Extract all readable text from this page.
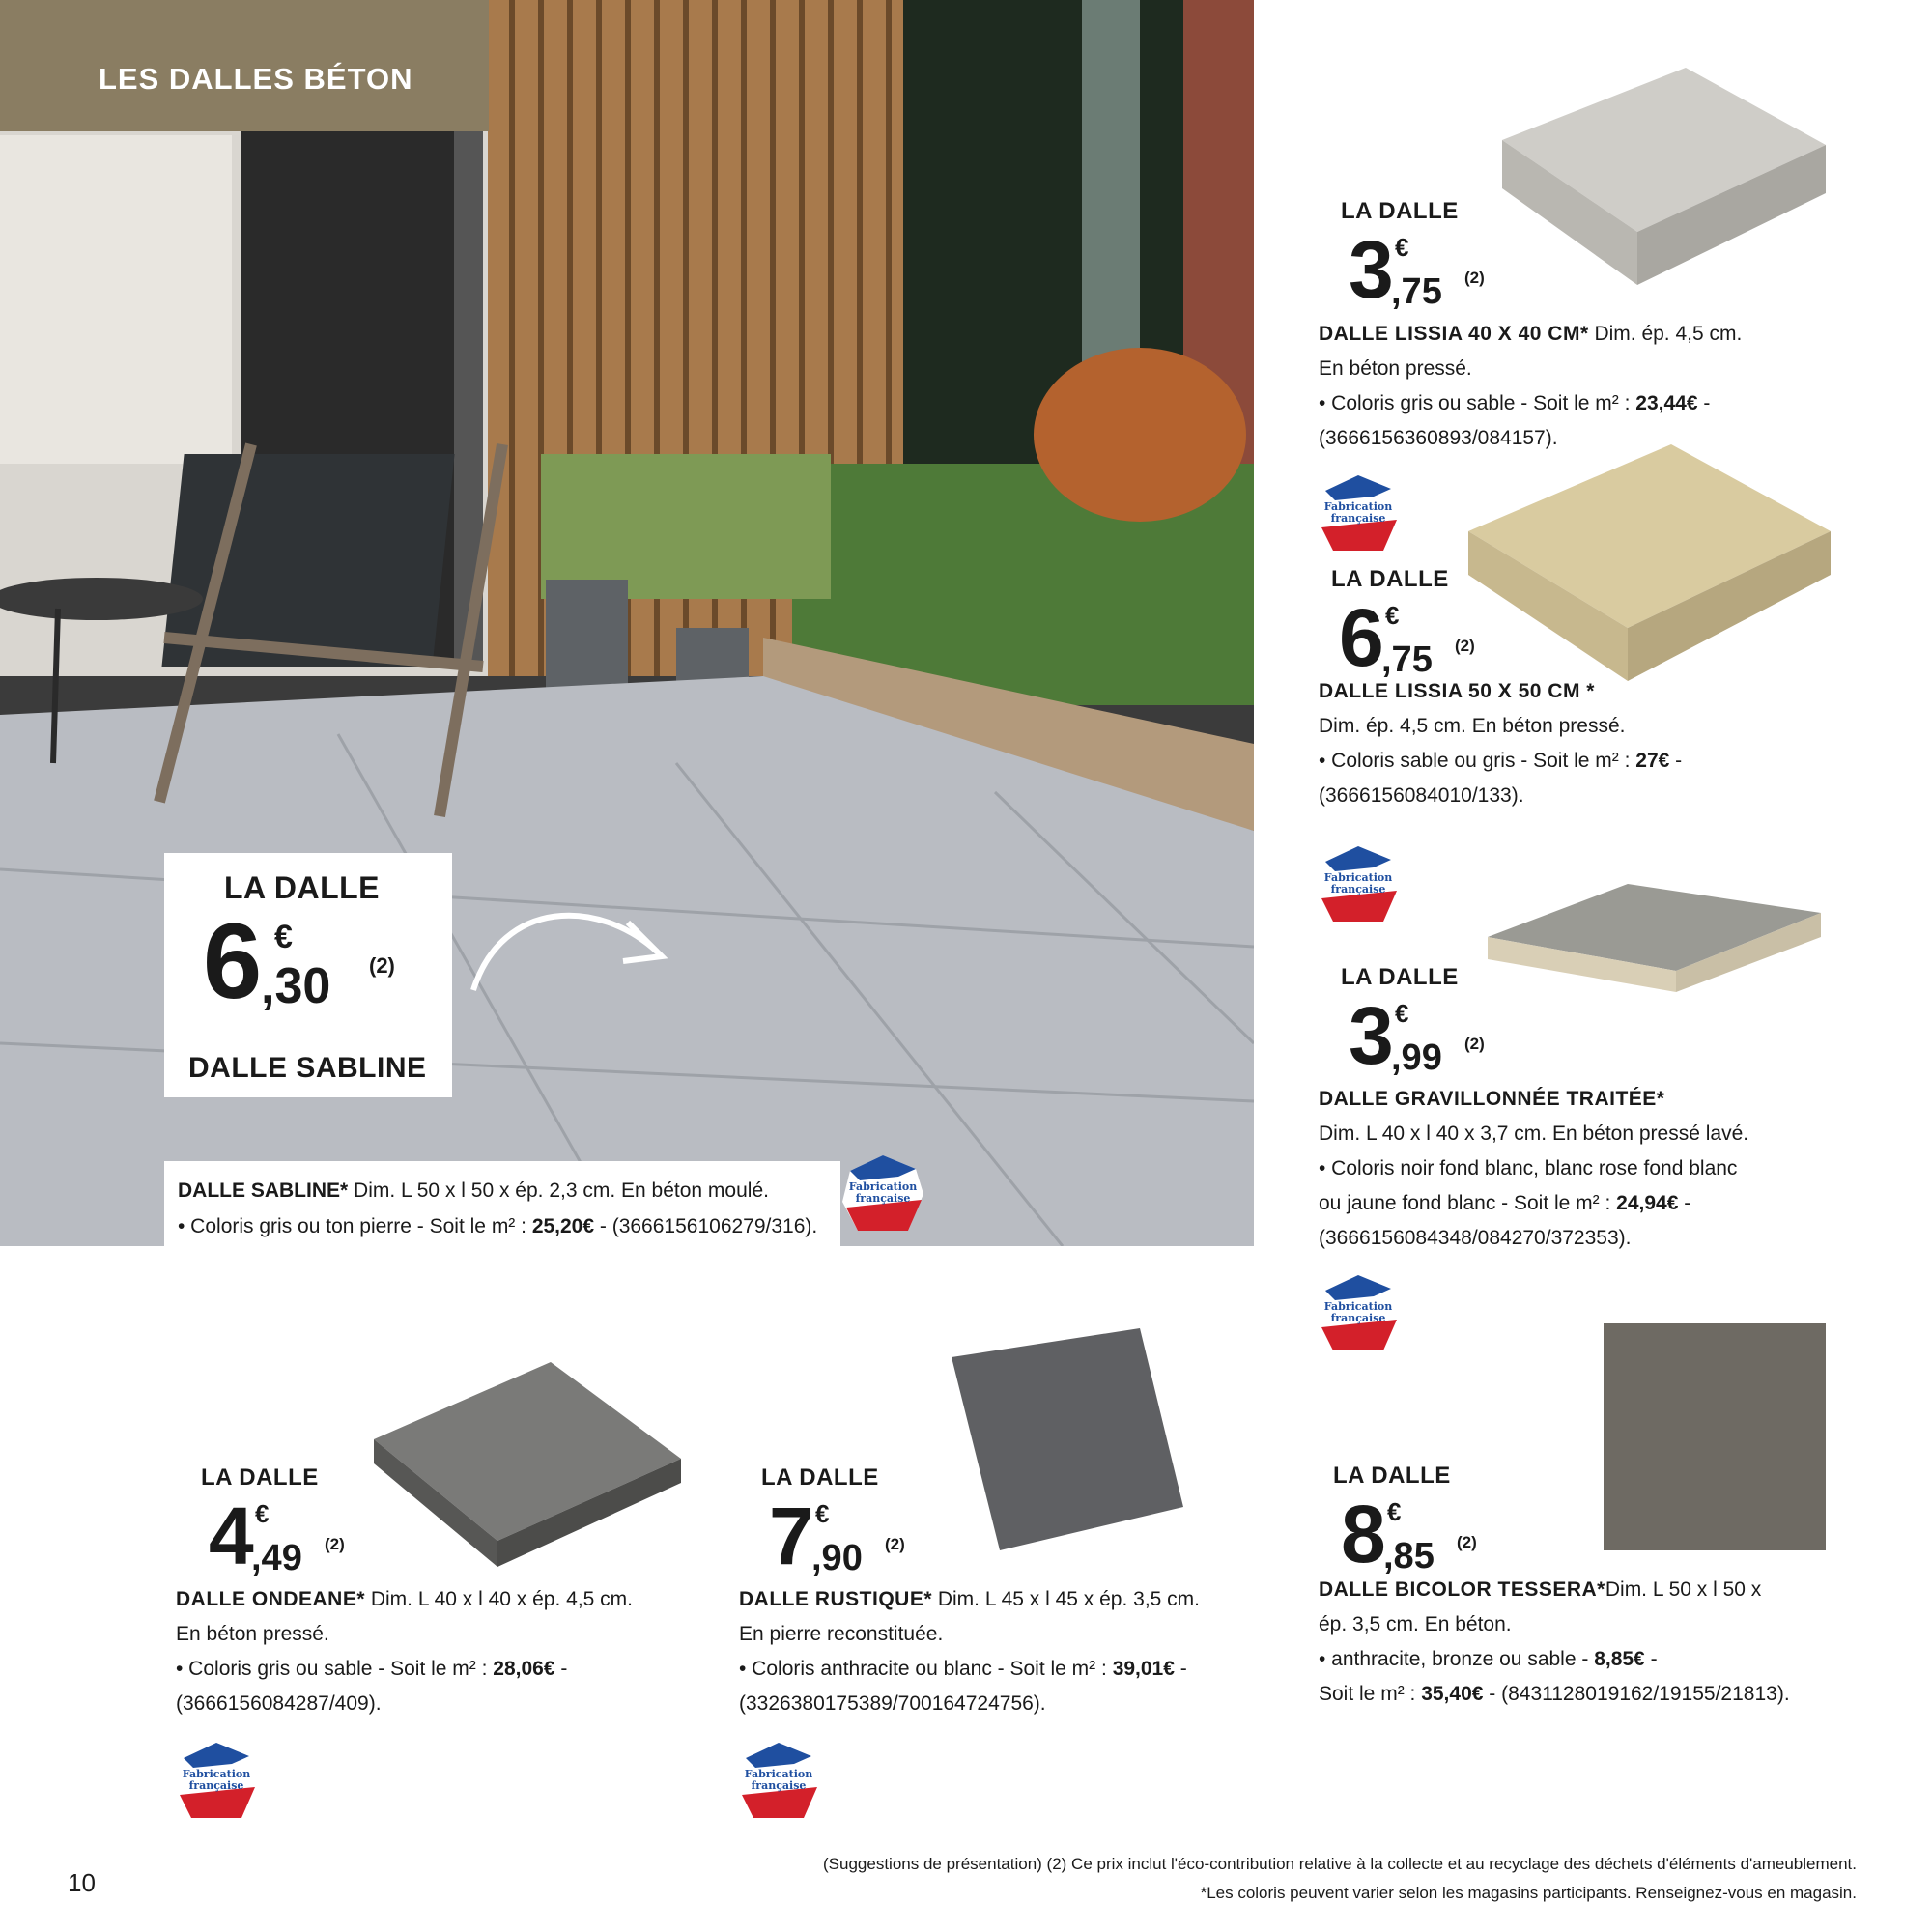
LES DALLES BÉTON
LA DALLE
6 €
,30 (2)
DALLE SABLINE
DALLE SABLINE* Dim. L 50 x l 50 x ép. 2,3 cm. En béton moulé.
• Coloris gris ou ton pierre - Soit le m² : 25,20€ - (3666156106279/316).
Fabrication
française
LA DALLE
3 €
,75 (2)
DALLE LISSIA 40 X 40 CM* Dim. ép. 4,5 cm.
En béton pressé.
• Coloris gris ou sable - Soit le m² : 23,44€ -
(3666156360893/084157).
Fabrication
française
LA DALLE
6 €
,75 (2)
DALLE LISSIA 50 X 50 CM *
Dim. ép. 4,5 cm. En béton pressé.
• Coloris sable ou gris - Soit le m² : 27€ -
(3666156084010/133).
Fabrication
française
LA DALLE
3 €
,99 (2)
DALLE GRAVILLONNÉE TRAITÉE*
Dim. L 40 x l 40 x 3,7 cm. En béton pressé lavé.
• Coloris noir fond blanc, blanc rose fond blanc
ou jaune fond blanc - Soit le m² : 24,94€ -
(3666156084348/084270/372353).
Fabrication
française
LA DALLE
4 €
,49 (2)
DALLE ONDEANE* Dim. L 40 x l 40 x ép. 4,5 cm.
En béton pressé.
• Coloris gris ou sable - Soit le m² : 28,06€ -
(3666156084287/409).
Fabrication
française
LA DALLE
7 €
,90 (2)
DALLE RUSTIQUE* Dim. L 45 x l 45 x ép. 3,5 cm.
En pierre reconstituée.
• Coloris anthracite ou blanc - Soit le m² : 39,01€ -
(3326380175389/700164724756).
Fabrication
française
LA DALLE
8 €
,85 (2)
DALLE BICOLOR TESSERA*Dim. L 50 x l 50 x
ép. 3,5 cm. En béton.
• anthracite, bronze ou sable - 8,85€ -
Soit le m² : 35,40€ - (8431128019162/19155/21813).
10
(Suggestions de présentation) (2) Ce prix inclut l'éco-contribution relative à la collecte et au recyclage des déchets d'éléments d'ameublement.
*Les coloris peuvent varier selon les magasins participants. Renseignez-vous en magasin.
